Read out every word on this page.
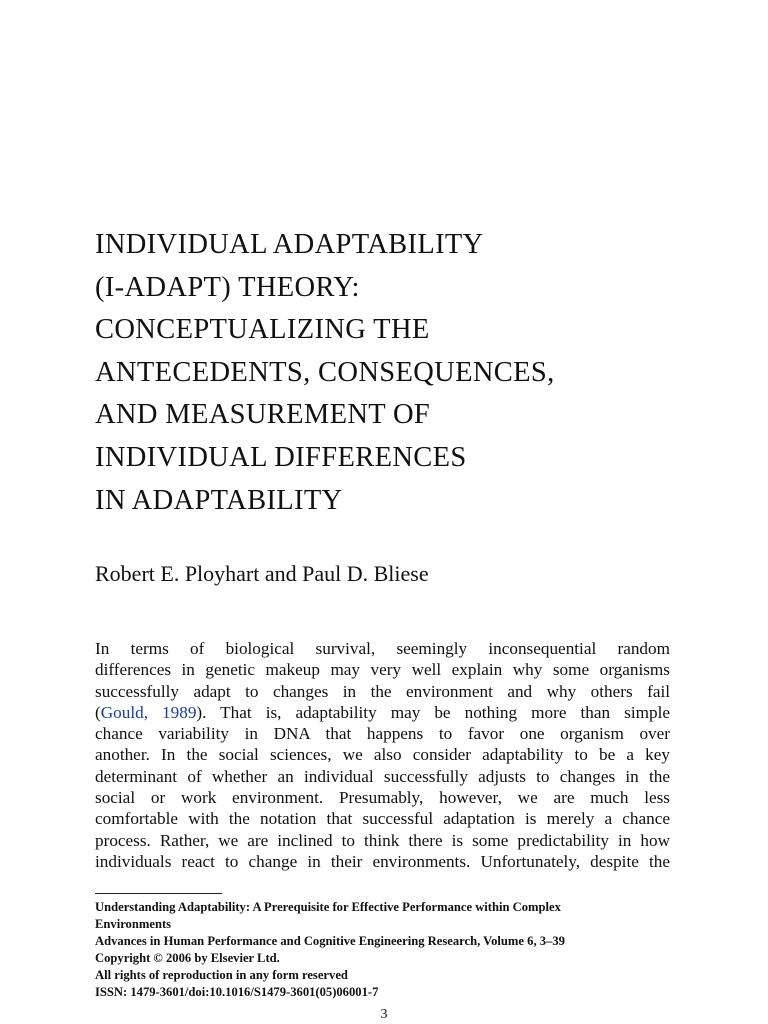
INDIVIDUAL ADAPTABILITY
(I-ADAPT) THEORY:
CONCEPTUALIZING THE
ANTECEDENTS, CONSEQUENCES,
AND MEASUREMENT OF
INDIVIDUAL DIFFERENCES
IN ADAPTABILITY

Robert E. Ployhart and Paul D. Bliese

In terms of biological survival, seemingly inconsequential random
differences in genetic makeup may very well explain why some organisms
successfully adapt to changes in the environment and why others fail
(Gould, 1989). That is, adaptability may be nothing more than simple
chance variability in DNA that happens to favor one organism over
another. In the social sciences, we also consider adaptability to be a key
determinant of whether an individual successfully adjusts to changes in the
social or work environment. Presumably, however, we are much less
comfortable with the notation that successful adaptation is merely a chance
process. Rather, we are inclined to think there is some predictability in how
individuals react to change in their environments. Unfortunately, despite the
Understanding Adaptability: A Prerequisite for Effective Performance within Complex
Environments
Advances in Human Performance and Cognitive Engineering Research, Volume 6, 3–39
Copyright © 2006 by Elsevier Ltd.
All rights of reproduction in any form reserved
ISSN: 1479-3601/doi:10.1016/S1479-3601(05)06001-7

3
